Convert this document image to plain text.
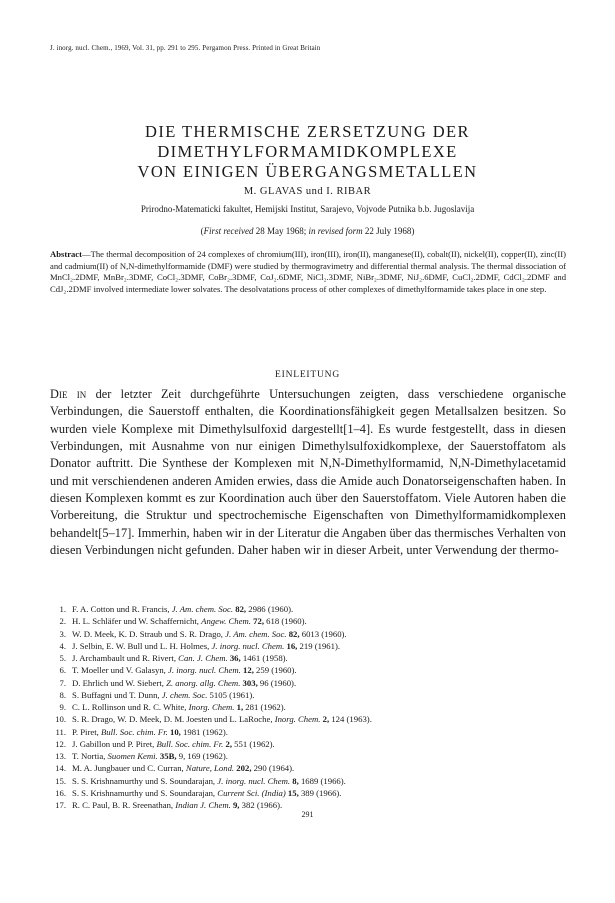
J. inorg. nucl. Chem., 1969, Vol. 31, pp. 291 to 295. Pergamon Press. Printed in Great Britain
DIE THERMISCHE ZERSETZUNG DER
DIMETHYLFORMAMIDKOMPLEXE
VON EINIGEN ÜBERGANGSMETALLEN
M. GLAVAS und I. RIBAR
Prirodno-Matematicki fakultet, Hemijski Institut, Sarajevo, Vojvode Putnika b.b. Jugoslavija
(First received 28 May 1968; in revised form 22 July 1968)
Abstract—The thermal decomposition of 24 complexes of chromium(III), iron(III), iron(II), manganese(II), cobalt(II), nickel(II), copper(II), zinc(II) and cadmium(II) of N,N-dimethylformamide (DMF) were studied by thermogravimetry and differential thermal analysis. The thermal dissociation of MnCl₂.2DMF, MnBr₂.3DMF, CoCl₂.3DMF, CoBr₂.3DMF, CoJ₂.6DMF, NiCl₂.3DMF, NiBr₂.3DMF, NiJ₂.6DMF, CuCl₂.2DMF, CdCl₂.2DMF and CdJ₂.2DMF involved intermediate lower solvates. The desolvatations process of other complexes of dimethylformamide takes place in one step.
EINLEITUNG
Die in der letzter Zeit durchgeführte Untersuchungen zeigten, dass verschiedene organische Verbindungen, die Sauerstoff enthalten, die Koordinationsfähigkeit gegen Metallsalzen besitzen. So wurden viele Komplexe mit Dimethylsulfoxid dargestellt[1–4]. Es wurde festgestellt, dass in diesen Verbindungen, mit Ausnahme von nur einigen Dimethylsulfoxidkomplexe, der Sauerstoffatom als Donator auftritt. Die Synthese der Komplexen mit N,N-Dimethylformamid, N,N-Dimethylacetamid und mit verschiendenen anderen Amiden erwies, dass die Amide auch Donatorseigenschaften haben. In diesen Komplexen kommt es zur Koordination auch über den Sauerstoffatom. Viele Autoren haben die Vorbereitung, die Struktur und spectrochemische Eigenschaften von Dimethylformamidkomplexen behandelt[5–17]. Immerhin, haben wir in der Literatur die Angaben über das thermisches Verhalten von diesen Verbindungen nicht gefunden. Daher haben wir in dieser Arbeit, unter Verwendung der thermo-
1. F. A. Cotton und R. Francis, J. Am. chem. Soc. 82, 2986 (1960).
2. H. L. Schläfer und W. Schaffernicht, Angew. Chem. 72, 618 (1960).
3. W. D. Meek, K. D. Straub und S. R. Drago, J. Am. chem. Soc. 82, 6013 (1960).
4. J. Selbin, E. W. Bull und L. H. Holmes, J. inorg. nucl. Chem. 16, 219 (1961).
5. J. Archambault und R. Rivert, Can. J. Chem. 36, 1461 (1958).
6. T. Moeller und V. Galasyn, J. inorg. nucl. Chem. 12, 259 (1960).
7. D. Ehrlich und W. Siebert, Z. anorg. allg. Chem. 303, 96 (1960).
8. S. Buffagni und T. Dunn, J. chem. Soc. 5105 (1961).
9. C. L. Rollinson und R. C. White, Inorg. Chem. 1, 281 (1962).
10. S. R. Drago, W. D. Meek, D. M. Joesten und L. LaRoche, Inorg. Chem. 2, 124 (1963).
11. P. Piret, Bull. Soc. chim. Fr. 10, 1981 (1962).
12. J. Gabillon und P. Piret, Bull. Soc. chim. Fr. 2, 551 (1962).
13. T. Nortia, Suomen Kemi. 35B, 9, 169 (1962).
14. M. A. Jungbauer und C. Curran, Nature, Lond. 202, 290 (1964).
15. S. S. Krishnamurthy und S. Soundarajan, J. inorg. nucl. Chem. 8, 1689 (1966).
16. S. S. Krishnamurthy und S. Soundarajan, Current Sci. (India) 15, 389 (1966).
17. R. C. Paul, B. R. Sreenathan, Indian J. Chem. 9, 382 (1966).
291
